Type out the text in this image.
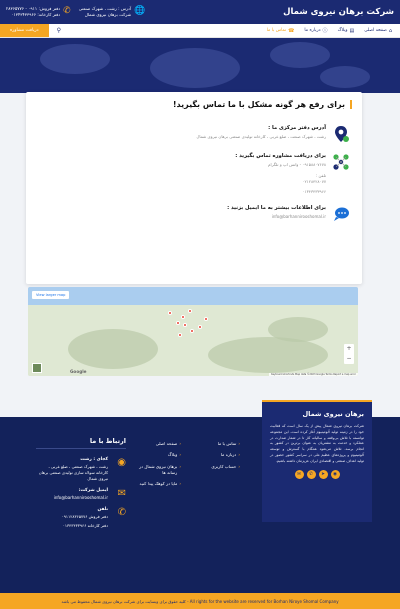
شرکت برهان نیروی شمال
🌐
آدرس : رشت ، شهرک صنعتی
شرکت برهان نیروی شمال
✆
دفتر فروش: ۰۹۱۱ - ۲۸۳۶۵۷۷۶
دفتر کارخانه: ۰۱۳۴۳۴۳۳۹۶۶
⌂
صفحه اصلی
▤
وبلاگ
ⓘ
درباره ما
☎
تماس با ما
⚲
دریافت مشاوره
برای رفع هر گونه مشکل با ما تماس بگیرید!
آدرس دفتر مرکزی ما :
رشت ، شهرک صنعت ، ضلع غربی ، کارخانه تولیدی صنعتی برهان نیروی شمال
برای دریافت مشاوره تماس بگیرید :
۰۹۱۵۸۸۰۷۶۷۸ - واتس اپ و تلگرام
تلفن :
۰۲۱۲۸۴۲۸۰۷۷
۰۱۳۴۳۴۳۳۹۶۶
برای اطلاعات بیشتر به ما ایمیل بزنید :
info@barhannirooshomal.ir
View larger map
+
−
Google
Keyboard shortcuts Map data ©2023 Google Terms Report a map error
برهان نیروی شمال
شرکت برهان نیروی شمال پیش از یک سال است که فعالیت خود را در زمینه تولید آلومینیوم آغاز کرده است. این مجموعه توانسته با تلاش بی‌وقفه و سالیانه کار تا در شمار صدارت در عملکرد و خدمت به مشتریان به عنوان برترین در کشور به انجام برسد. تلاش می‌شود همگام با گسترش و توسعه آلومینیوم و پروژه‌های عظیم ملی در سراسر کشور حضور در تولید اهداف صنعتی و اقتصادی ایران عزیزمان داشته باشیم.
◉
➤
✆
✉
‹
تماس با ما
‹
صفحه اصلی
‹
درباره ما
‹
وبلاگ
‹
حساب کاربری
‹
برهان نیروی شمال در رسانه ها
‹
مایا در کوهک پیدا کنید
ارتباط با ما
◉
کجای : رشت
رشت ، شهرک صنعتی ، ضلع غربی ، کارخانه سولاه سازی تولیدی صنعتی برهان نیروی شمال
✉
ایمیل شرکت:
info@barhannirooshomal.ir
✆
تلفن
دفتر فروش ۰۹۱۱۲۸۳۶۵۷۷۶
دفتر کارخانه ۰۱۳۴۳۴۳۳۹۶۶
All rights for the website are reserved for Borhan Niroye Shomal Company - کلیه حقوق برای وبسایت برای شرکت برهان نیروی شمال محفوظ می باشد
